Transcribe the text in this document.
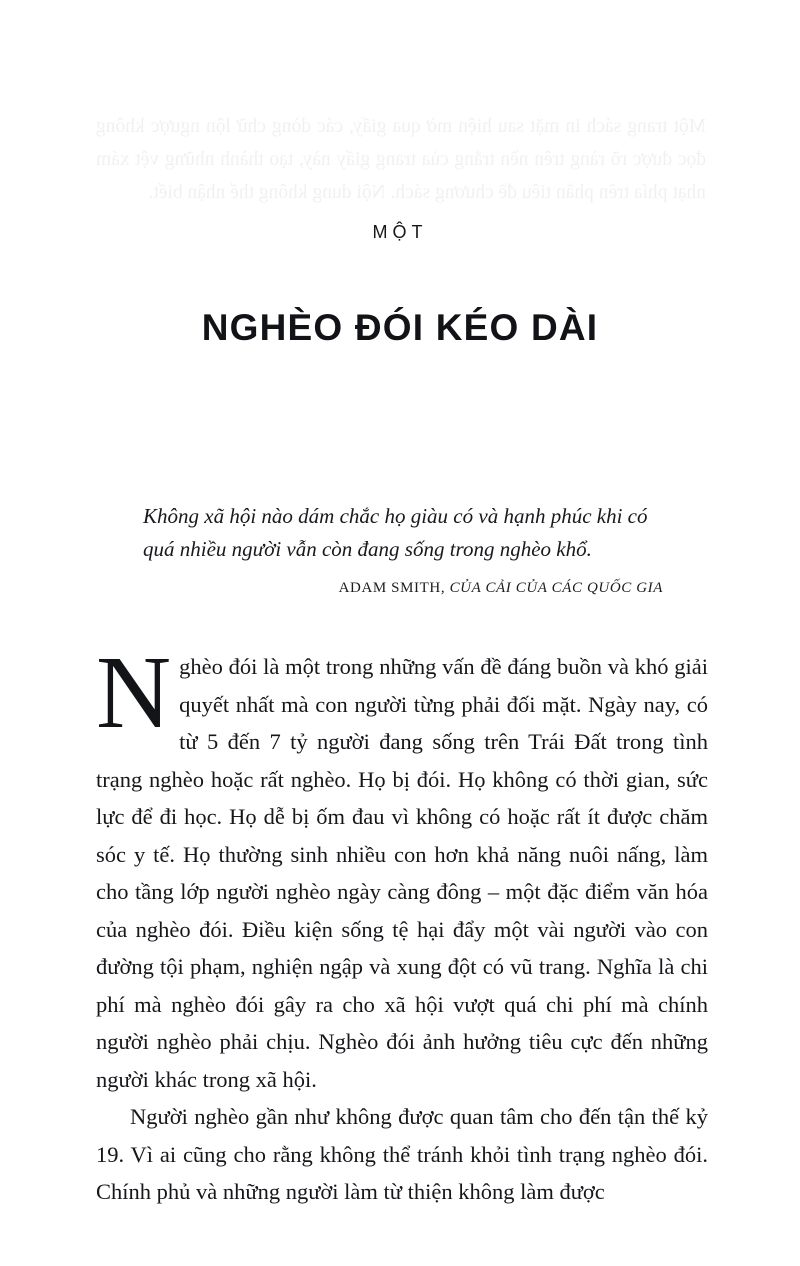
Một trang sách in mặt sau hiện mờ qua giấy, các dòng chữ lộn ngược không đọc được rõ ràng trên nền trắng của trang giấy này, tạo thành những vệt xám nhạt phía trên phần tiêu đề chương sách. Nội dung không thể nhận biết.
MỘT
NGHÈO ĐÓI KÉO DÀI
Không xã hội nào dám chắc họ giàu có và hạnh phúc khi có quá nhiều người vẫn còn đang sống trong nghèo khổ.
ADAM SMITH, CỦA CẢI CỦA CÁC QUỐC GIA

Nghèo đói là một trong những vấn đề đáng buồn và khó giải quyết nhất mà con người từng phải đối mặt. Ngày nay, có từ 5 đến 7 tỷ người đang sống trên Trái Đất trong tình trạng nghèo hoặc rất nghèo. Họ bị đói. Họ không có thời gian, sức lực để đi học. Họ dễ bị ốm đau vì không có hoặc rất ít được chăm sóc y tế. Họ thường sinh nhiều con hơn khả năng nuôi nấng, làm cho tầng lớp người nghèo ngày càng đông – một đặc điểm văn hóa của nghèo đói. Điều kiện sống tệ hại đẩy một vài người vào con đường tội phạm, nghiện ngập và xung đột có vũ trang. Nghĩa là chi phí mà nghèo đói gây ra cho xã hội vượt quá chi phí mà chính người nghèo phải chịu. Nghèo đói ảnh hưởng tiêu cực đến những người khác trong xã hội.

Người nghèo gần như không được quan tâm cho đến tận thế kỷ 19. Vì ai cũng cho rằng không thể tránh khỏi tình trạng nghèo đói. Chính phủ và những người làm từ thiện không làm được
